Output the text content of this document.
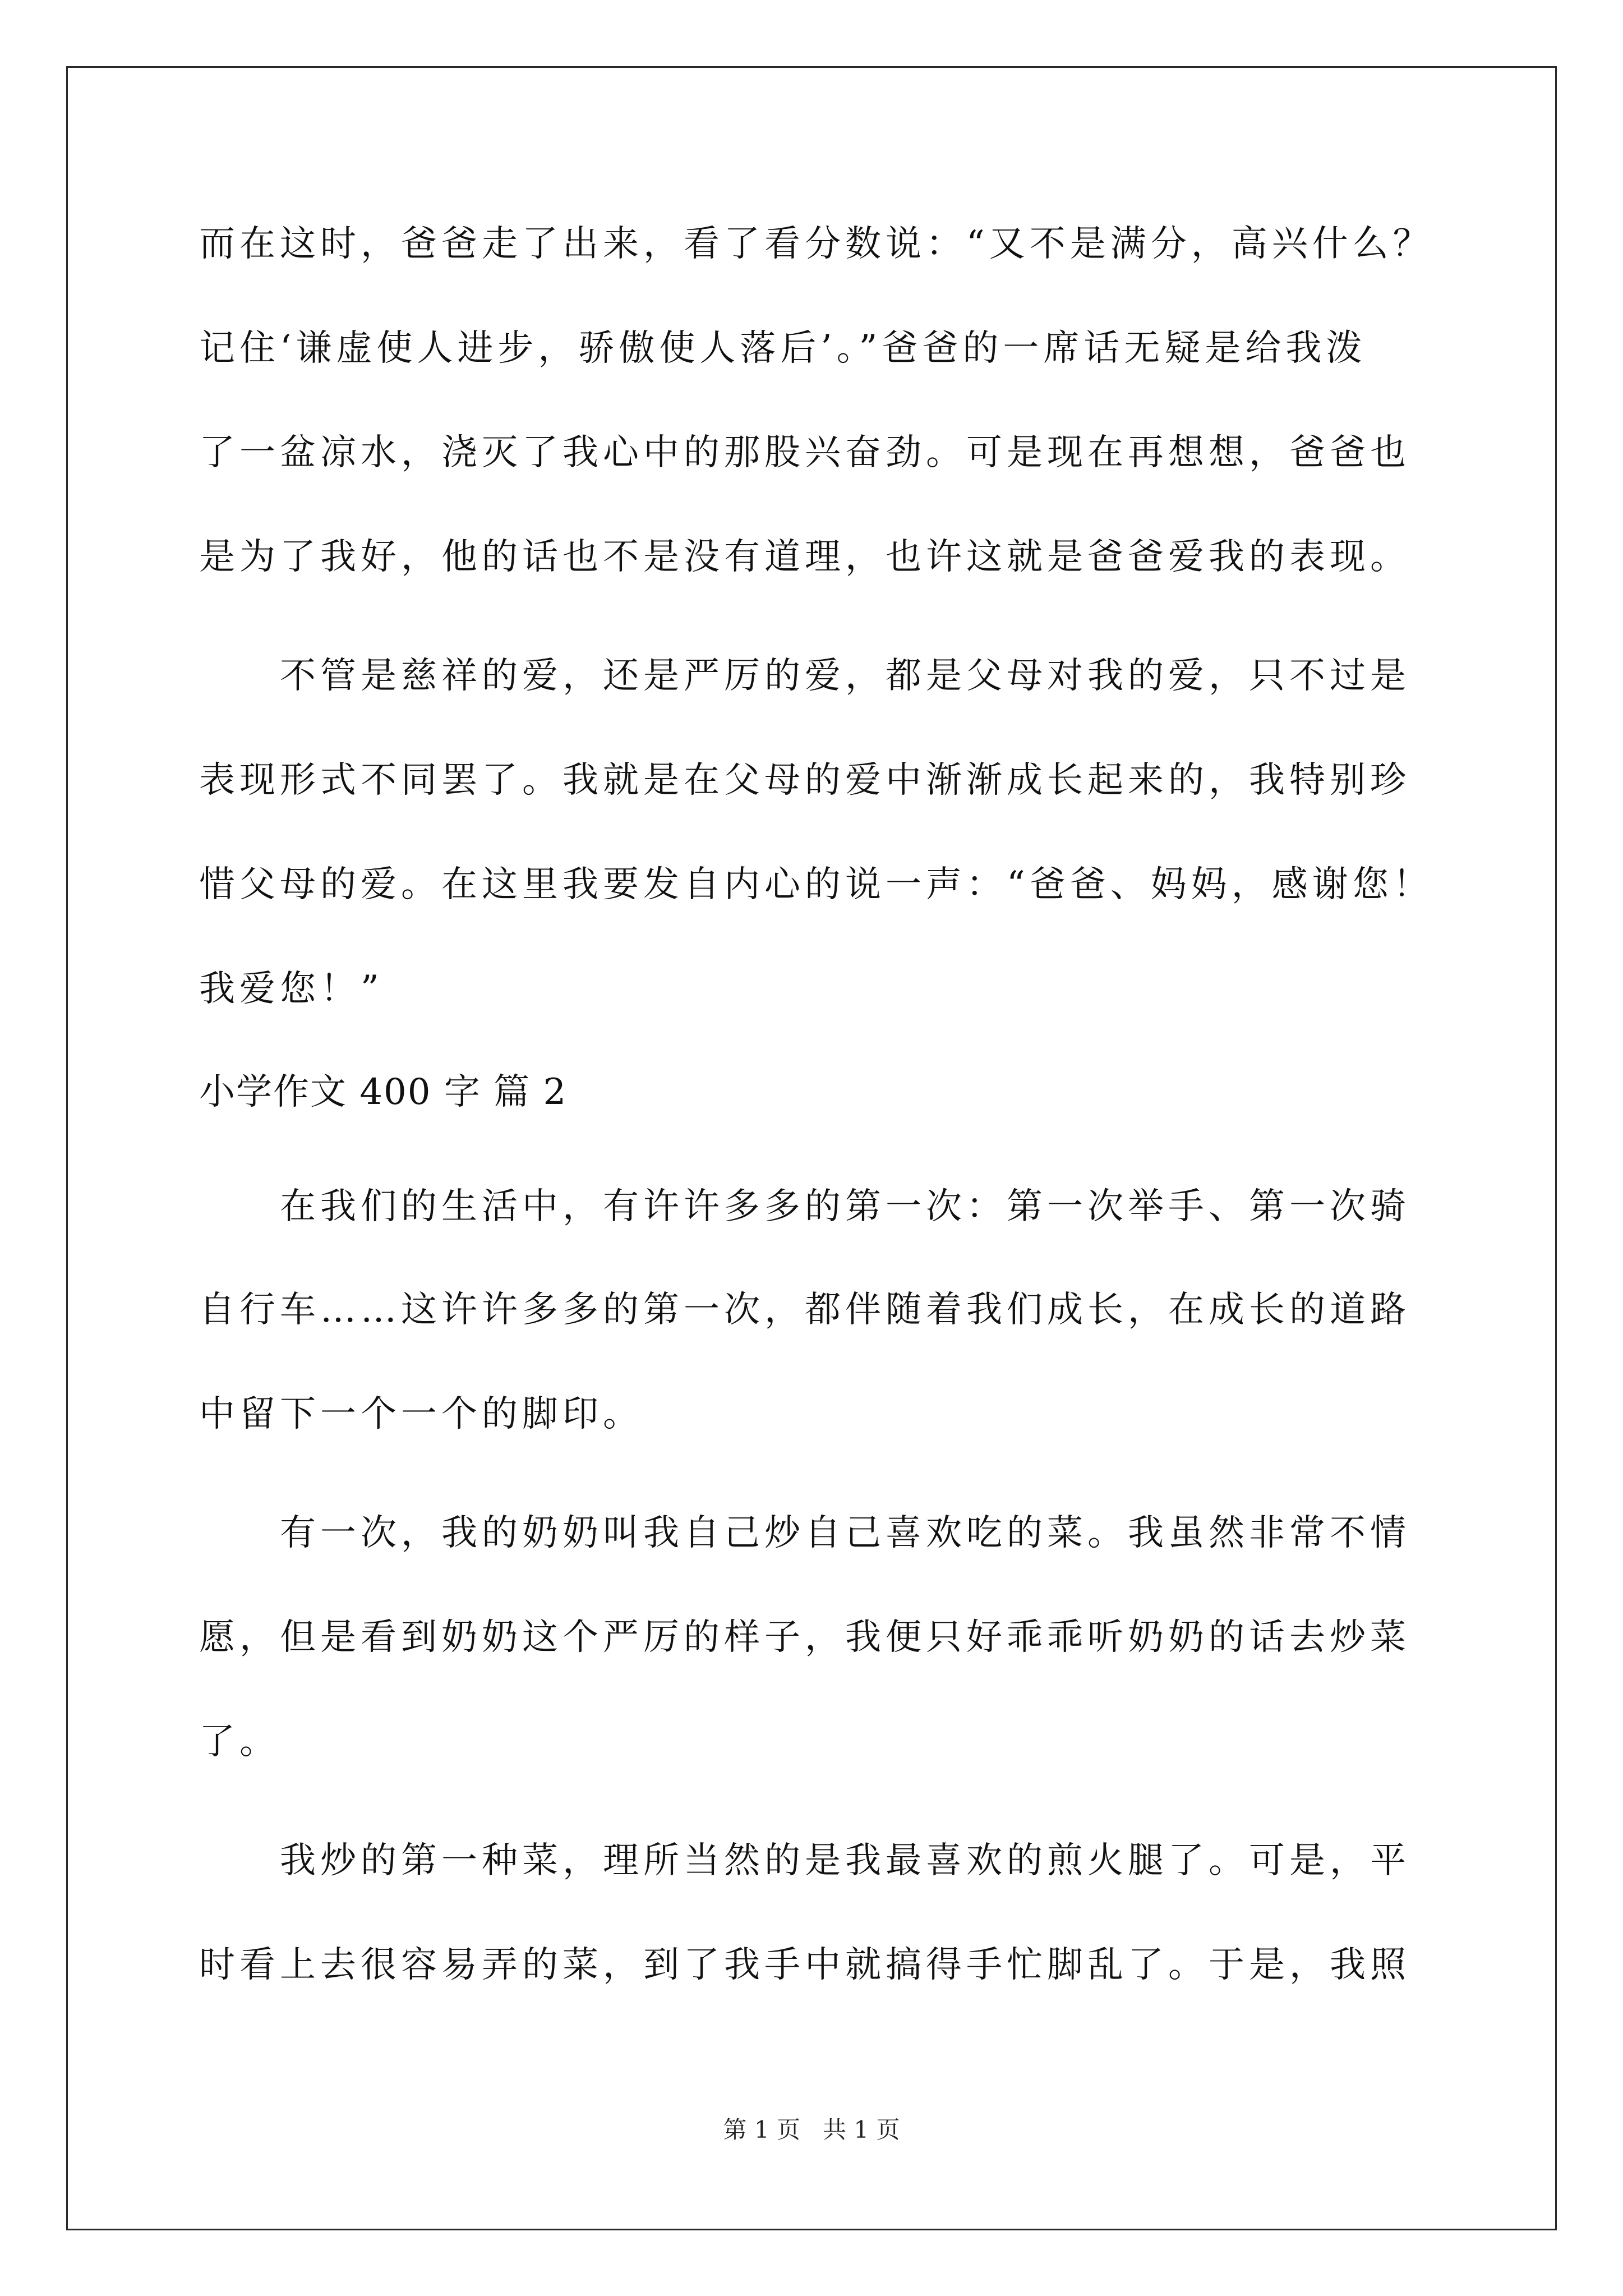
而在这时，爸爸走了出来，看了看分数说：“又不是满分，高兴什么？
记住‘谦虚使人进步，骄傲使人落后’。”爸爸的一席话无疑是给我泼
了一盆凉水，浇灭了我心中的那股兴奋劲。可是现在再想想，爸爸也
是为了我好，他的话也不是没有道理，也许这就是爸爸爱我的表现。
　　不管是慈祥的爱，还是严厉的爱，都是父母对我的爱，只不过是
表现形式不同罢了。我就是在父母的爱中渐渐成长起来的，我特别珍
惜父母的爱。在这里我要发自内心的说一声：“爸爸、妈妈，感谢您！
我爱您！”
小学作文 400 字 篇 2
　　在我们的生活中，有许许多多的第一次：第一次举手、第一次骑
自行车……这许许多多的第一次，都伴随着我们成长，在成长的道路
中留下一个一个的脚印。
　　有一次，我的奶奶叫我自己炒自己喜欢吃的菜。我虽然非常不情
愿，但是看到奶奶这个严厉的样子，我便只好乖乖听奶奶的话去炒菜
了。
　　我炒的第一种菜，理所当然的是我最喜欢的煎火腿了。可是，平
时看上去很容易弄的菜，到了我手中就搞得手忙脚乱了。于是，我照
第 1 页   共 1 页
